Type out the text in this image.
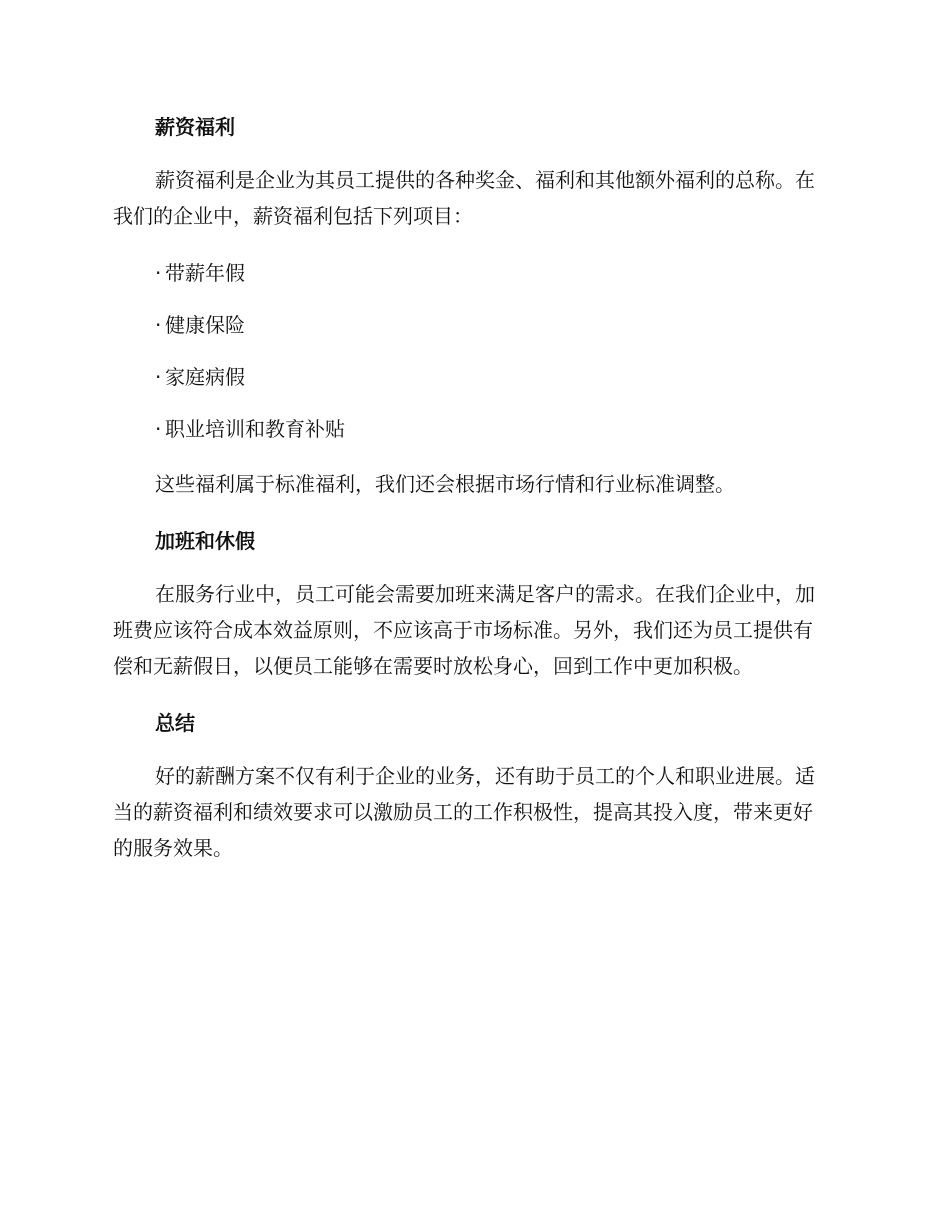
薪资福利

薪资福利是企业为其员工提供的各种奖金、福利和其他额外福利的总称。在我们的企业中，薪资福利包括下列项目：

· 带薪年假
· 健康保险
· 家庭病假
· 职业培训和教育补贴

这些福利属于标准福利，我们还会根据市场行情和行业标准调整。

加班和休假

在服务行业中，员工可能会需要加班来满足客户的需求。在我们企业中，加班费应该符合成本效益原则，不应该高于市场标准。另外，我们还为员工提供有偿和无薪假日，以便员工能够在需要时放松身心，回到工作中更加积极。

总结

好的薪酬方案不仅有利于企业的业务，还有助于员工的个人和职业进展。适当的薪资福利和绩效要求可以激励员工的工作积极性，提高其投入度，带来更好的服务效果。
